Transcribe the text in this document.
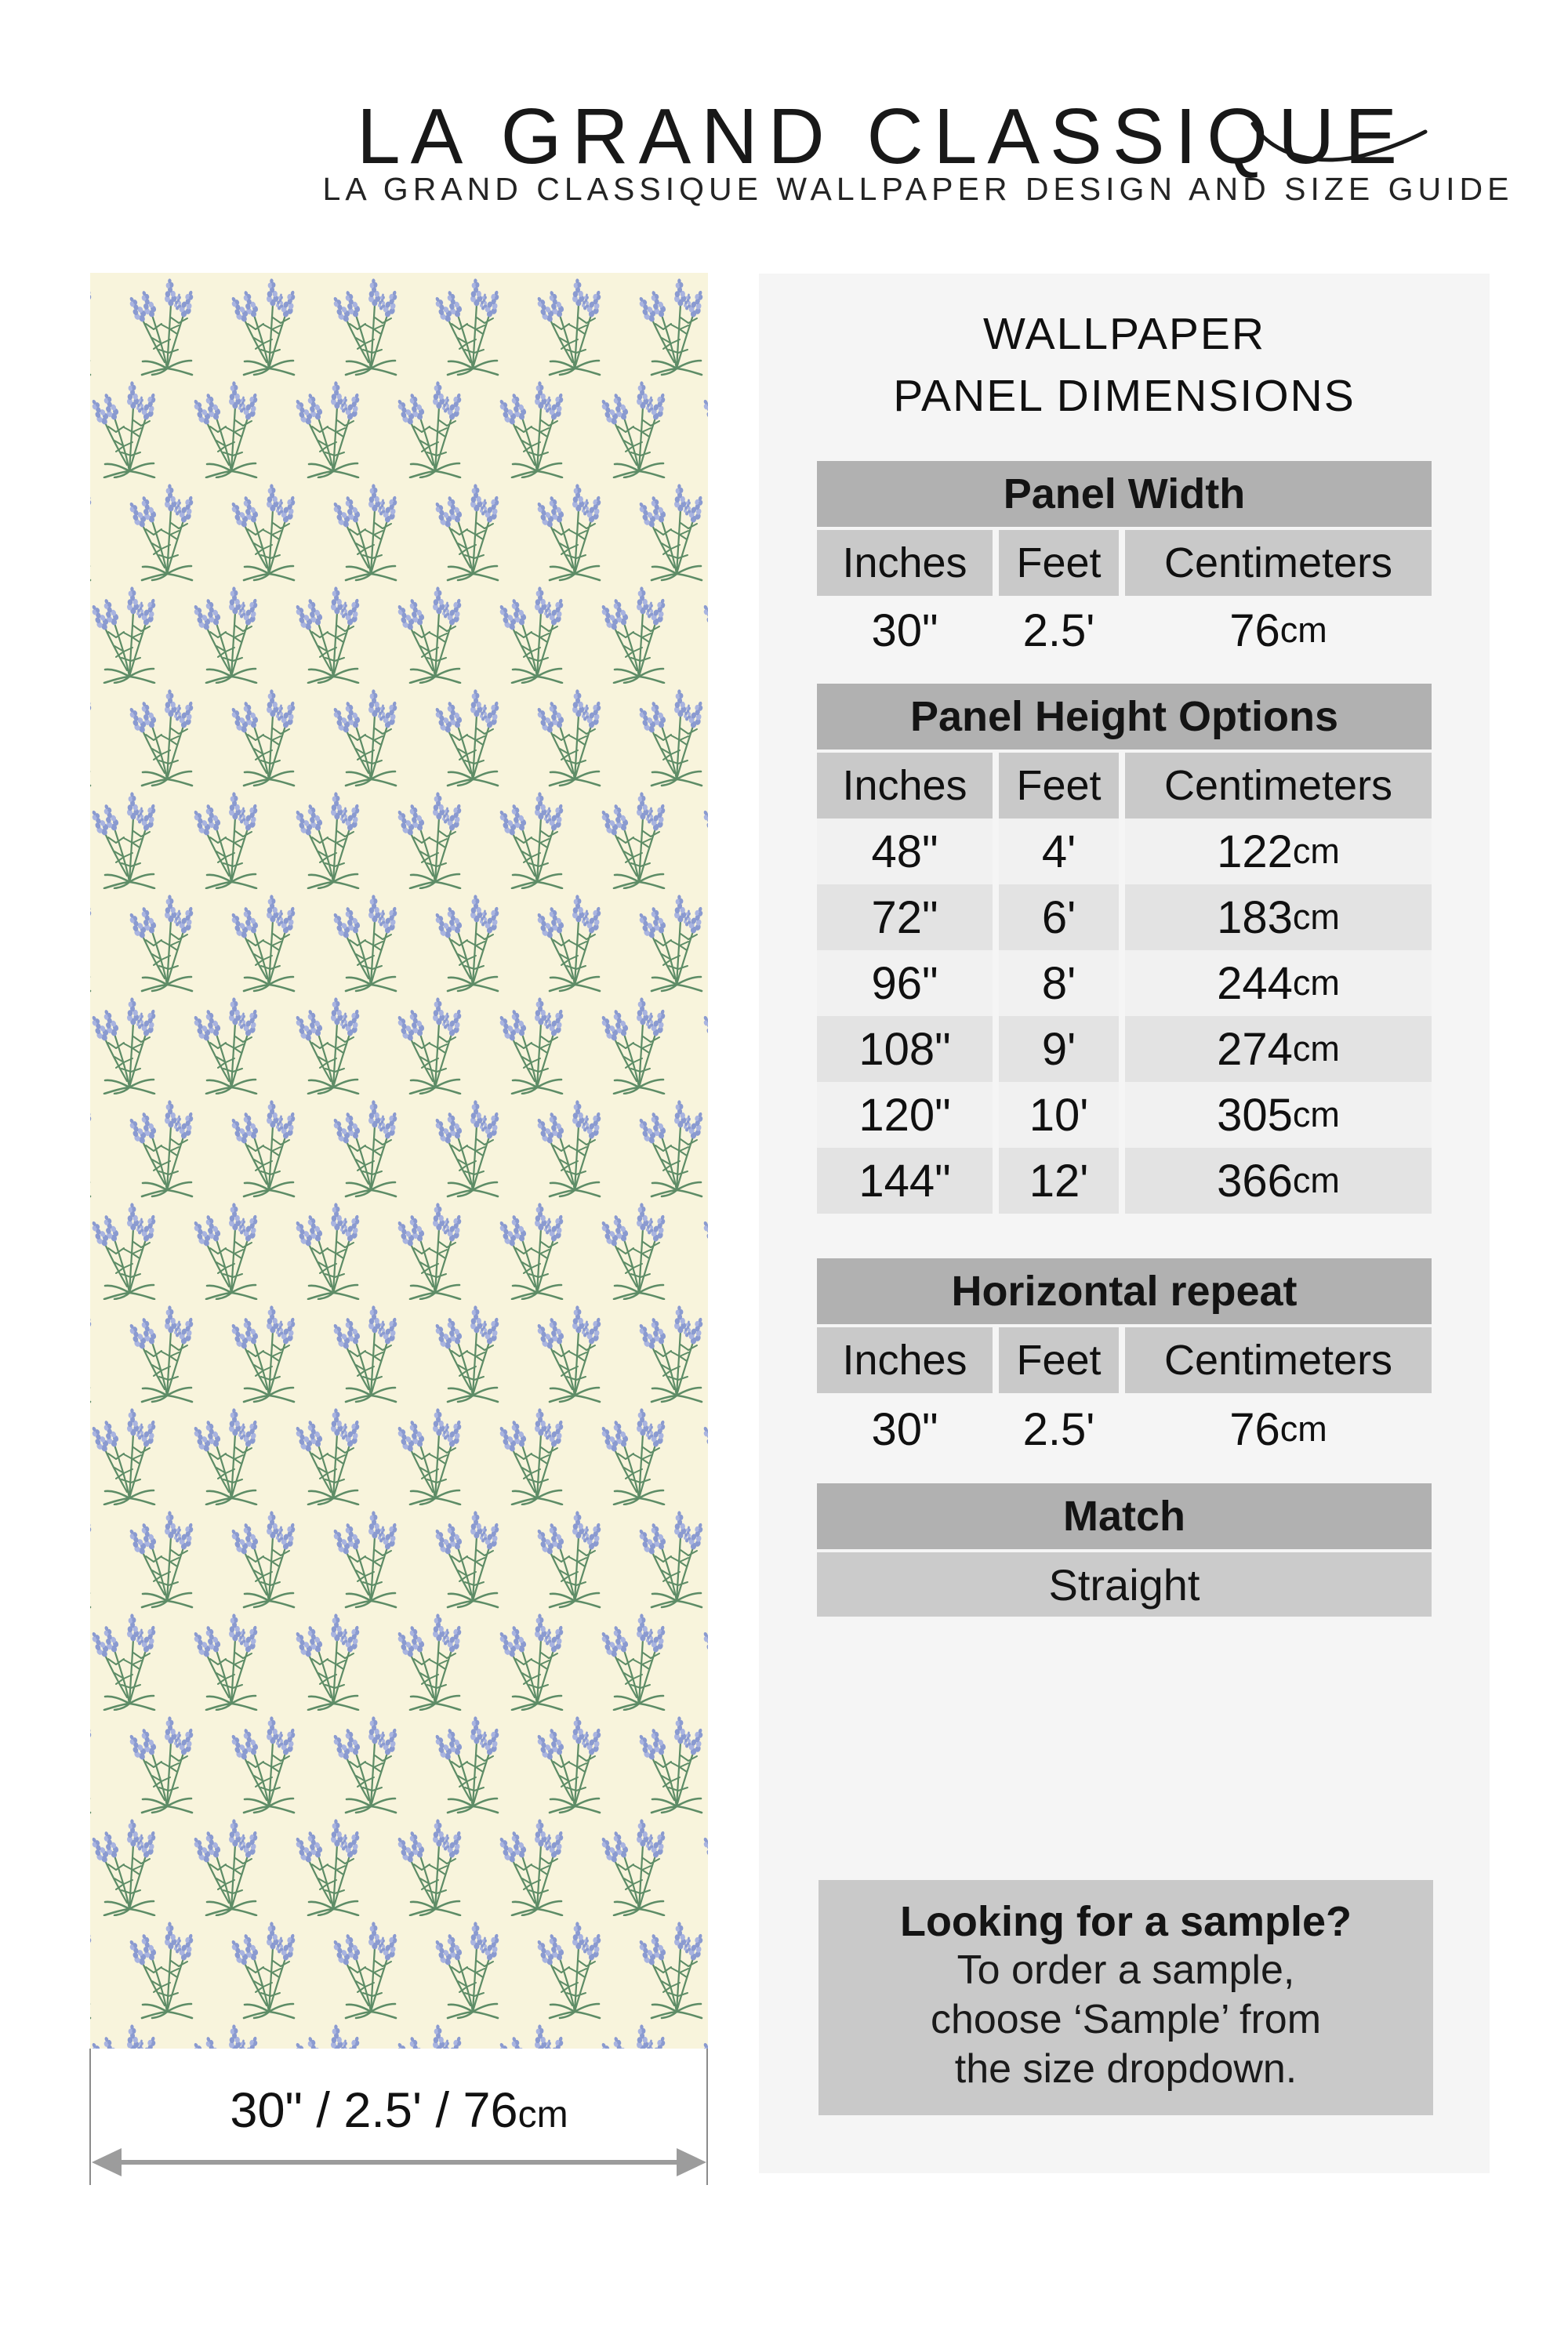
LA GRAND CLASSIQUE
LA GRAND CLASSIQUE WALLPAPER DESIGN AND SIZE GUIDE
30" / 2.5' / 76cm
WALLPAPER
PANEL DIMENSIONS
Panel Width
Inches	Feet	Centimeters
30"	2.5'	76 cm
Panel Height Options
Inches	Feet	Centimeters
48"	4'	122 cm
72"	6'	183 cm
96"	8'	244 cm
108"	9'	274 cm
120"	10'	305 cm
144"	12'	366 cm
Horizontal repeat
Inches	Feet	Centimeters
30"	2.5'	76 cm
Match
Straight
Looking for a sample?
To order a sample,
choose ‘Sample’ from
the size dropdown.
